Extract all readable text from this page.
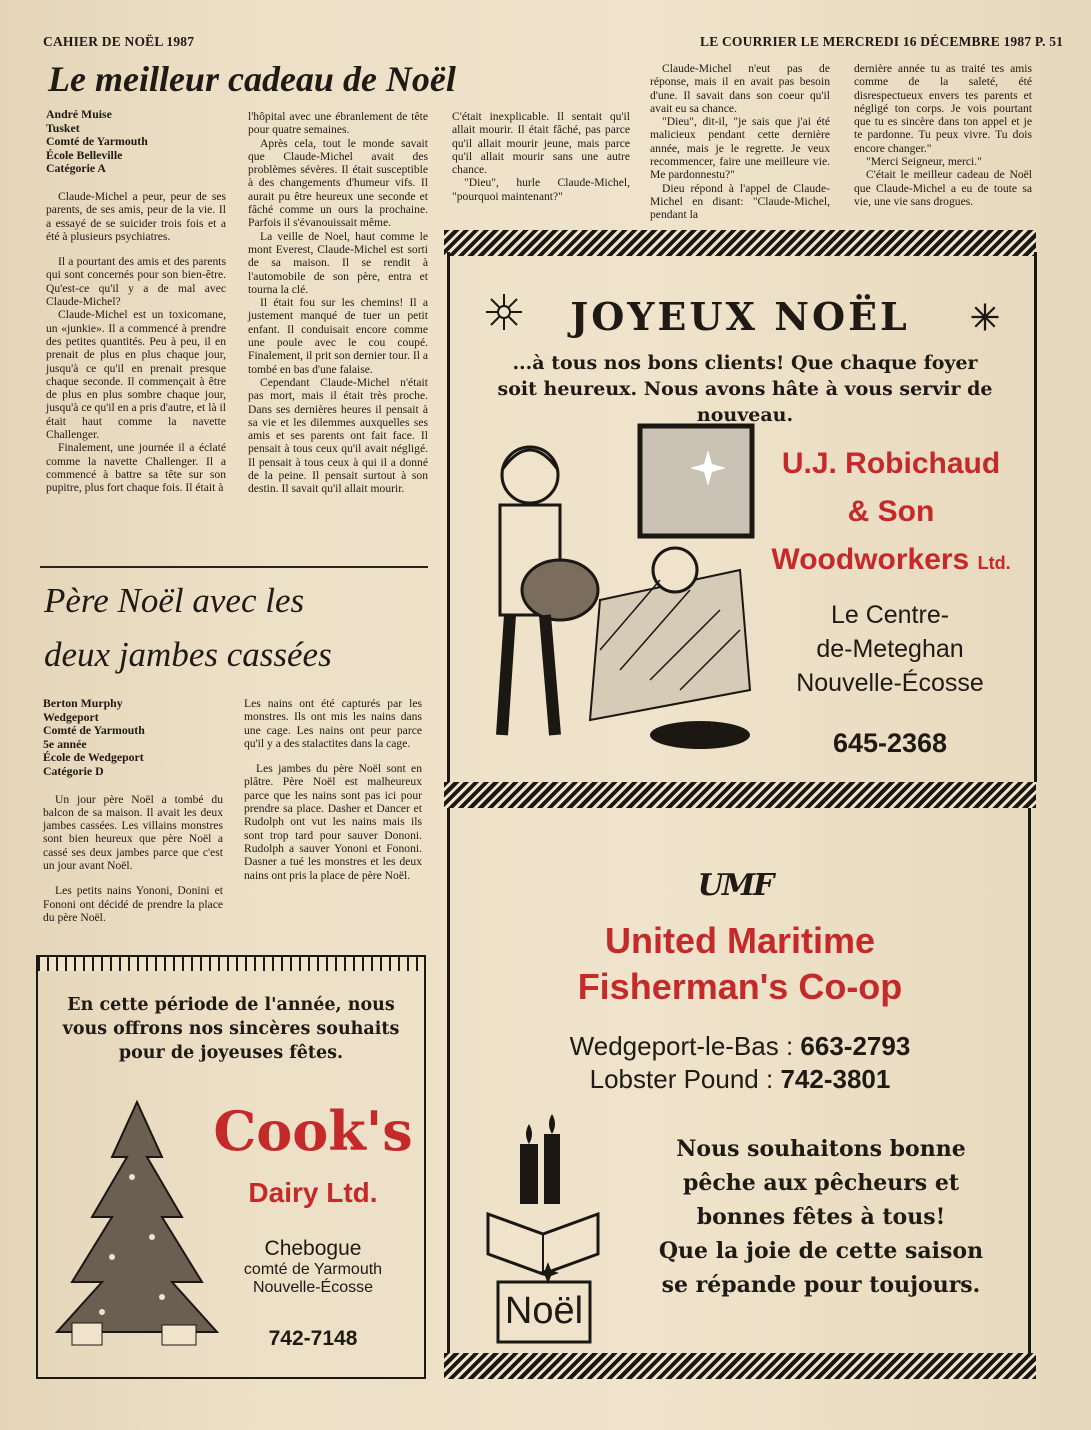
CAHIER DE NOËL 1987	LE COURRIER LE MERCREDI 16 DÉCEMBRE 1987 P. 51
Le meilleur cadeau de Noël
André Muise
Tusket
Comté de Yarmouth
École Belleville
Catégorie A

Claude-Michel a peur, peur de ses parents, de ses amis, peur de la vie. Il a essayé de se suicider trois fois et a été à plusieurs psychiatres.

Il a pourtant des amis et des parents qui sont concernés pour son bien-être. Qu'est-ce qu'il y a de mal avec Claude-Michel?

Claude-Michel est un toxicomane, un «junkie». Il a commencé à prendre des petites quantités. Peu à peu, il en prenait de plus en plus chaque jour, jusqu'à ce qu'il en prenait presque chaque seconde. Il commençait à être de plus en plus sombre chaque jour, jusqu'à ce qu'il en a pris d'autre, et là il était haut comme la navette Challenger.

Finalement, une journée il a éclaté comme la navette Challenger. Il a commencé à battre sa tête sur son pupitre, plus fort chaque fois. Il était à

l'hôpital avec une ébranlement de tête pour quatre semaines.

Après cela, tout le monde savait que Claude-Michel avait des problèmes sévères. Il était susceptible à des changements d'humeur vifs. Il aurait pu être heureux une seconde et fâché comme un ours la prochaine. Parfois il s'évanouissait même.

La veille de Noel, haut comme le mont Everest, Claude-Michel est sorti de sa maison. Il se rendit à l'automobile de son père, entra et tourna la clé.

Il était fou sur les chemins! Il a justement manqué de tuer un petit enfant. Il conduisait encore comme une poule avec le cou coupé. Finalement, il prit son dernier tour. Il a tombé en bas d'une falaise.

Cependant Claude-Michel n'était pas mort, mais il était très proche. Dans ses dernières heures il pensait à sa vie et les dilemmes auxquelles ses amis et ses parents ont fait face. Il pensait à tous ceux qu'il avait négligé. Il pensait à tous ceux à qui il a donné de la peine. Il pensait surtout à son destin. Il savait qu'il allait mourir.

C'était inexplicable. Il sentait qu'il allait mourir. Il était fâché, pas parce qu'il allait mourir jeune, mais parce qu'il allait mourir sans une autre chance.

"Dieu", hurle Claude-Michel, "pourquoi maintenant?"

Claude-Michel n'eut pas de réponse, mais il en avait pas besoin d'une. Il savait dans son coeur qu'il avait eu sa chance.

"Dieu", dit-il, "je sais que j'ai été malicieux pendant cette dernière année, mais je le regrette. Je veux recommencer, faire une meilleure vie. Me pardonnestu?"

Dieu répond à l'appel de Claude-Michel en disant: "Claude-Michel, pendant la

dernière année tu as traité tes amis comme de la saleté, été disrespectueux envers tes parents et négligé ton corps. Je vois pourtant que tu es sincère dans ton appel et je te pardonne. Tu peux vivre. Tu dois encore changer."

"Merci Seigneur, merci."

C'était le meilleur cadeau de Noël que Claude-Michel a eu de toute sa vie, une vie sans drogues.

Père Noël avec les
deux jambes cassées
Berton Murphy
Wedgeport
Comté de Yarmouth
5e année
École de Wedgeport
Catégorie D

Un jour père Noël a tombé du balcon de sa maison. Il avait les deux jambes cassées. Les villains monstres sont bien heureux que père Noël a cassé ses deux jambes parce que c'est un jour avant Noël.

Les petits nains Yononi, Donini et Fononi ont décidé de prendre la place du père Noël.

Les nains ont été capturés par les monstres. Ils ont mis les nains dans une cage. Les nains ont peur parce qu'il y a des stalactites dans la cage.

Les jambes du père Noël sont en plâtre. Père Noël est malheureux parce que les nains sont pas ici pour prendre sa place. Dasher et Dancer et Rudolph ont vut les nains mais ils sont trop tard pour sauver Dononi. Rudolph a sauver Yononi et Fononi. Dasner a tué les monstres et les deux nains ont pris la place de père Noël.

JOYEUX NOËL
...à tous nos bons clients! Que chaque foyer soit heureux. Nous avons hâte à vous servir de nouveau.
U.J. Robichaud
& Son
Woodworkers Ltd.
Le Centre-
de-Meteghan
Nouvelle-Écosse
645-2368
UMF
United Maritime
Fisherman's Co-op
Wedgeport-le-Bas : 663-2793
Lobster Pound : 742-3801
Noël
Nous souhaitons bonne
pêche aux pêcheurs et
bonnes fêtes à tous!
Que la joie de cette saison
se répande pour toujours.
En cette période de l'année, nous
vous offrons nos sincères souhaits
pour de joyeuses fêtes.
Cook's
Dairy Ltd.
Chebogue
comté de Yarmouth
Nouvelle-Écosse
742-7148
